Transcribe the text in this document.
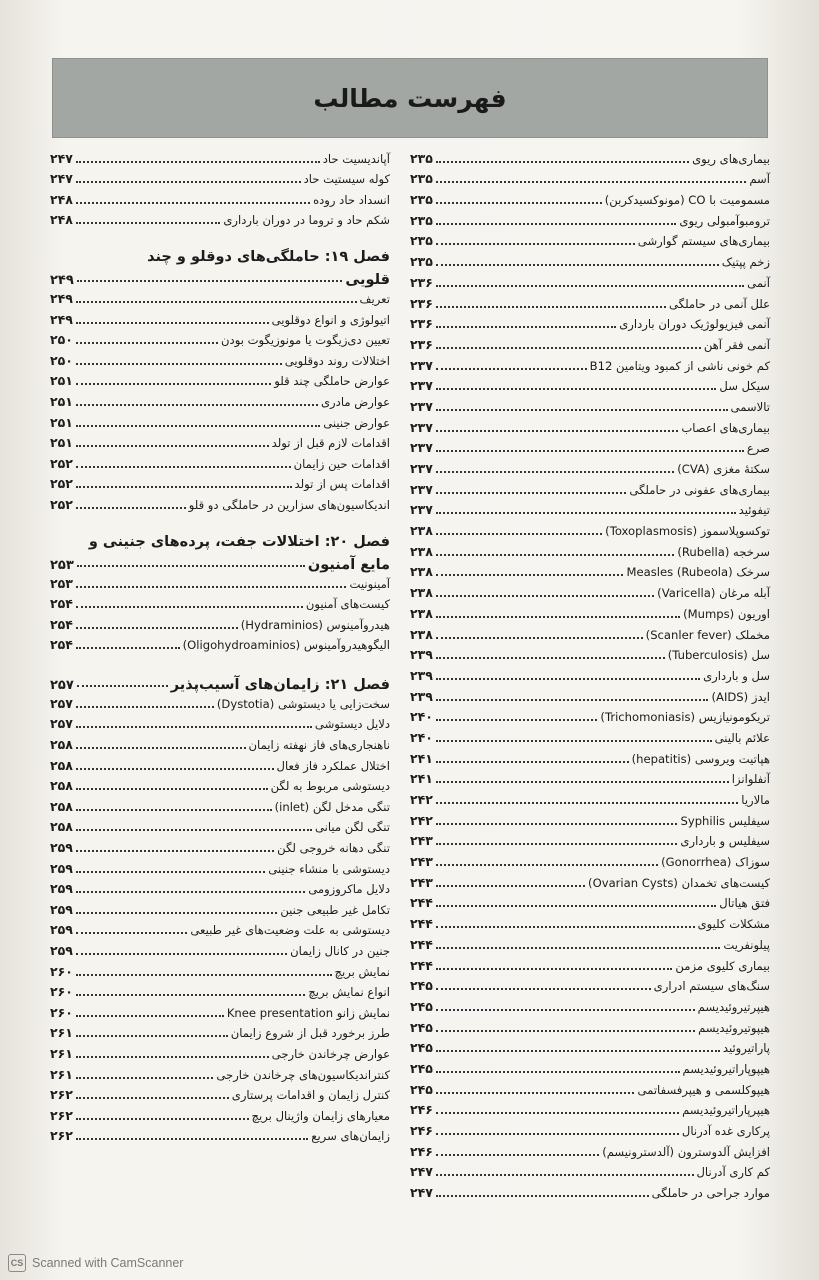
فهرست مطالب
بیماری‌های ریوی
۲۳۵
آسم
۲۳۵
مسمومیت با CO (مونوکسیدکربن)
۲۳۵
ترومبوآمبولی ریوی
۲۳۵
بیماری‌های سیستم گوارشی
۲۳۵
زخم پپتیک
۲۳۵
آنمی
۲۳۶
علل آنمی در حاملگی
۲۳۶
آنمی فیزیولوژیک دوران بارداری
۲۳۶
آنمی فقر آهن
۲۳۶
کم خونی ناشی از کمبود ویتامین B12
۲۳۷
سیکل سل
۲۳۷
تالاسمی
۲۳۷
بیماری‌های اعصاب
۲۳۷
صرع
۲۳۷
سکتهٔ مغزی (CVA)
۲۳۷
بیماری‌های عفونی در حاملگی
۲۳۷
تیفوئید
۲۳۷
توکسوپلاسموز (Toxoplasmosis)
۲۳۸
سرخجه (Rubella)
۲۳۸
سرخک Measles (Rubeola)
۲۳۸
آبله مرغان (Varicella)
۲۳۸
اوریون (Mumps)
۲۳۸
مخملک (Scanler fever)
۲۳۸
سل (Tuberculosis)
۲۳۹
سل و بارداری
۲۳۹
ایدز (AIDS)
۲۳۹
تریکومونیازیس (Trichomoniasis)
۲۴۰
علائم بالینی
۲۴۰
هپاتیت ویروسی (hepatitis)
۲۴۱
آنفلوانزا
۲۴۱
مالاریا
۲۴۲
سیفلیس Syphilis
۲۴۲
سیفلیس و بارداری
۲۴۳
سوزاک (Gonorrhea)
۲۴۳
کیست‌های تخمدان (Ovarian Cysts)
۲۴۳
فتق هیاتال
۲۴۴
مشکلات کلیوی
۲۴۴
پیلونفریت
۲۴۴
بیماری کلیوی مزمن
۲۴۴
سنگ‌های سیستم ادراری
۲۴۵
هیپرتیروئیدیسم
۲۴۵
هیپوتیروئیدیسم
۲۴۵
پاراتیروئید
۲۴۵
هیپوپاراتیروئیدیسم
۲۴۵
هیپوکلسمی و هیپرفسفاتمی
۲۴۵
هیپرپاراتیروئیدیسم
۲۴۶
پرکاری غده آدرنال
۲۴۶
افزایش آلدوسترون (آلدسترونیسم)
۲۴۶
کم کاری آدرنال
۲۴۷
موارد جراحی در حاملگی
۲۴۷
آپاندیسیت حاد
۲۴۷
کوله سیستیت حاد
۲۴۷
انسداد حاد روده
۲۴۸
شکم حاد و تروما در دوران بارداری
۲۴۸
فصل ۱۹: حاملگی‌های دوقلو و چند
قلویی
۲۴۹
تعریف
۲۴۹
اتیولوژی و انواع دوقلویی
۲۴۹
تعیین دی‌زیگوت یا مونوزیگوت بودن
۲۵۰
اختلالات روند دوقلویی
۲۵۰
عوارض حاملگی چند قلو
۲۵۱
عوارض مادری
۲۵۱
عوارض جنینی
۲۵۱
اقدامات لازم قبل از تولد
۲۵۱
اقدامات حین زایمان
۲۵۲
اقدامات پس از تولد
۲۵۲
اندیکاسیون‌های سزارین در حاملگی دو قلو
۲۵۲
فصل ۲۰: اختلالات جفت، پرده‌های جنینی و
مایع آمنیون
۲۵۳
آمینونیت
۲۵۳
کیست‌های آمنیون
۲۵۴
هیدروآمینوس (Hydraminios)
۲۵۴
الیگوهیدروآمینوس (Oligohydroaminios)
۲۵۴
فصل ۲۱: زایمان‌های آسیب‌پذیر
۲۵۷
سخت‌زایی یا دیستوشی (Dystotia)
۲۵۷
دلایل دیستوشی
۲۵۷
ناهنجاری‌های فاز نهفته زایمان
۲۵۸
اختلال عملکرد فاز فعال
۲۵۸
دیستوشی مربوط به لگن
۲۵۸
تنگی مدخل لگن (inlet)
۲۵۸
تنگی لگن میانی
۲۵۸
تنگی دهانه خروجی لگن
۲۵۹
دیستوشی با منشاء جنینی
۲۵۹
دلایل ماکروزومی
۲۵۹
تکامل غیر طبیعی جنین
۲۵۹
دیستوشی به علت وضعیت‌های غیر طبیعی
۲۵۹
جنین در کانال زایمان
۲۵۹
نمایش بریچ
۲۶۰
انواع نمایش بریچ
۲۶۰
نمایش زانو Knee presentation
۲۶۰
طرز برخورد قبل از شروع زایمان
۲۶۱
عوارض چرخاندن خارجی
۲۶۱
کنتراندیکاسیون‌های چرخاندن خارجی
۲۶۱
کنترل زایمان و اقدامات پرستاری
۲۶۲
معیارهای زایمان واژینال بریچ
۲۶۲
زایمان‌های سریع
۲۶۲
CS Scanned with CamScanner
